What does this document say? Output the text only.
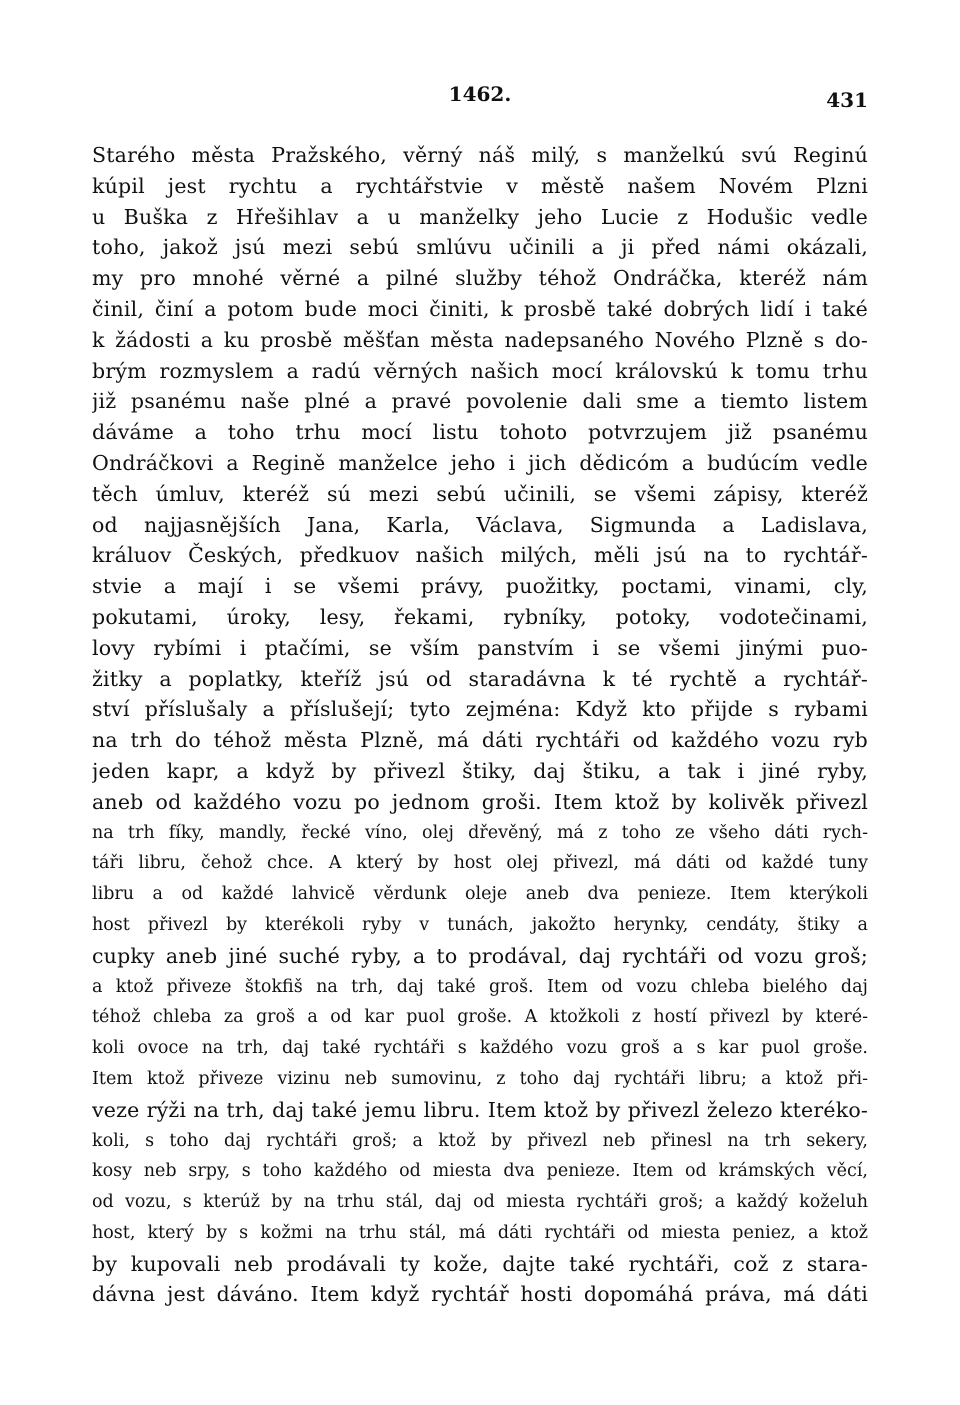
1462.	431
Starého města Pražského, věrný náš milý, s manželkú svú Reginú
kúpil jest rychtu a rychtářstvie v městě našem Novém Plzni
u Buška z Hřešihlav a u manželky jeho Lucie z Hodušic vedle
toho, jakož jsú mezi sebú smlúvu učinili a ji před námi okázali,
my pro mnohé věrné a pilné služby téhož Ondráčka, kteréž nám
činil, činí a potom bude moci činiti, k prosbě také dobrých lidí i také
k žádosti a ku prosbě měšťan města nadepsaného Nového Plzně s do-
brým rozmyslem a radú věrných našich mocí královskú k tomu trhu
již psanému naše plné a pravé povolenie dali sme a tiemto listem
dáváme a toho trhu mocí listu tohoto potvrzujem již psanému
Ondráčkovi a Regině manželce jeho i jich dědicóm a budúcím vedle
těch úmluv, kteréž sú mezi sebú učinili, se všemi zápisy, kteréž
od najjasnějších Jana, Karla, Václava, Sigmunda a Ladislava,
králuov Českých, předkuov našich milých, měli jsú na to rychtář-
stvie a mají i se všemi právy, puožitky, poctami, vinami, cly,
pokutami, úroky, lesy, řekami, rybníky, potoky, vodotečinami,
lovy rybími i ptačími, se vším panstvím i se všemi jinými puo-
žitky a poplatky, kteříž jsú od staradávna k té rychtě a rychtář-
ství příslušaly a příslušejí; tyto zejména: Když kto přijde s rybami
na trh do téhož města Plzně, má dáti rychtáři od každého vozu ryb
jeden kapr, a když by přivezl štiky, daj štiku, a tak i jiné ryby,
aneb od každého vozu po jednom groši. Item ktož by kolivěk přivezl
na trh fíky, mandly, řecké víno, olej dřevěný, má z toho ze všeho dáti rych-
táři libru, čehož chce. A který by host olej přivezl, má dáti od každé tuny
libru a od každé lahvicě věrdunk oleje aneb dva penieze. Item kterýkoli
host přivezl by kterékoli ryby v tunách, jakožto herynky, cendáty, štiky a
cupky aneb jiné suché ryby, a to prodával, daj rychtáři od vozu groš;
a ktož přiveze štokfiš na trh, daj také groš. Item od vozu chleba bielého daj
téhož chleba za groš a od kar puol groše. A ktožkoli z hostí přivezl by které-
koli ovoce na trh, daj také rychtáři s každého vozu groš a s kar puol groše.
Item ktož přiveze vizinu neb sumovinu, z toho daj rychtáři libru; a ktož při-
veze rýži na trh, daj také jemu libru. Item ktož by přivezl železo kteréko-
koli, s toho daj rychtáři groš; a ktož by přivezl neb přinesl na trh sekery,
kosy neb srpy, s toho každého od miesta dva penieze. Item od krámských věcí,
od vozu, s kterúž by na trhu stál, daj od miesta rychtáři groš; a každý koželuh
host, který by s kožmi na trhu stál, má dáti rychtáři od miesta peniez, a ktož
by kupovali neb prodávali ty kože, dajte také rychtáři, což z stara-
dávna jest dáváno. Item když rychtář hosti dopomáhá práva, má dáti
